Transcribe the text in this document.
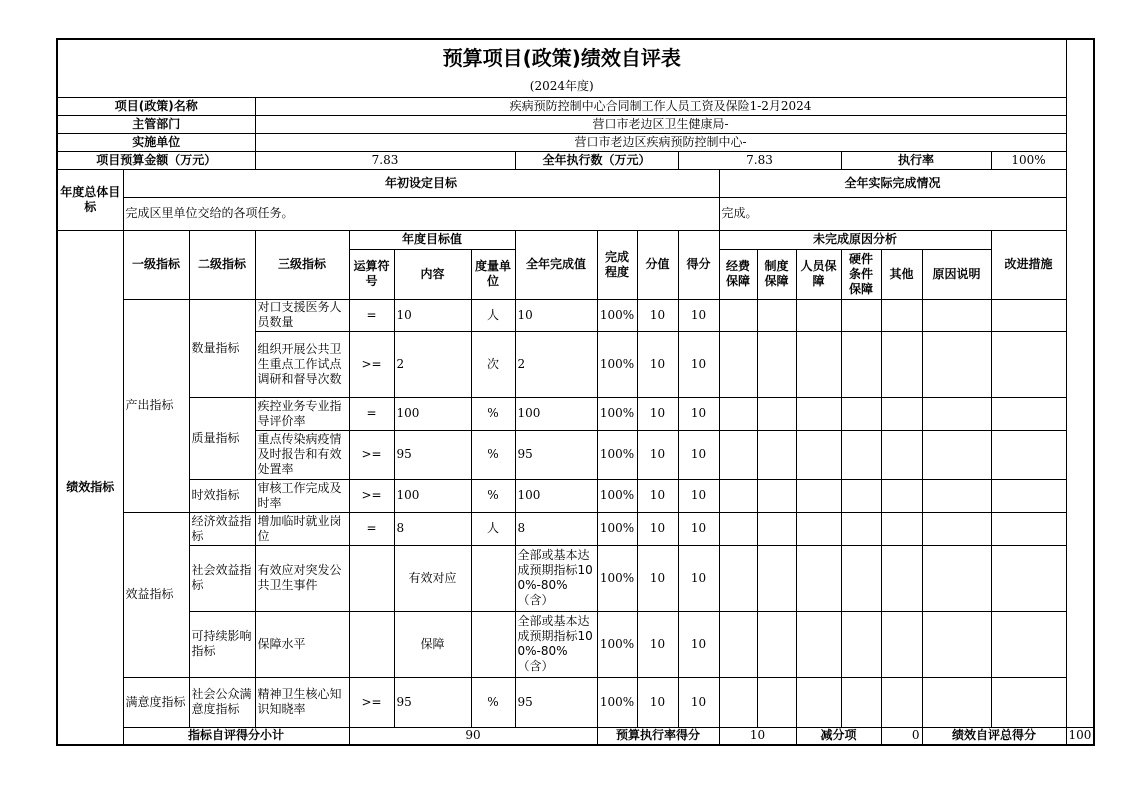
预算项目(政策)绩效自评表																		
(2024年度)																		
项目(政策)名称			疾病预防控制中心合同制工作人员工资及保险1-2月2024															
主管部门			营口市老边区卫生健康局-															
实施单位			营口市老边区疾病预防控制中心-															
项目预算金额（万元）			7.83				全年执行数（万元）			7.83				执行率			100%	
年度总体目标	年初设定目标										全年实际完成情况							
	完成区里单位交给的各项任务。										完成。							
绩效指标	一级指标	二级指标	三级指标	年度目标值			全年完成值	完成程度	分值	得分	未完成原因分析						改进措施	
				运算符号	内容	度量单位					经费保障	制度保障	人员保障	硬件条件保障	其他	原因说明		
	产出指标	数量指标	对口支援医务人员数量	=	10	人	10	100%	10	10								
			组织开展公共卫生重点工作试点调研和督导次数	>=	2	次	2	100%	10	10								
		质量指标	疾控业务专业指导评价率	=	100	%	100	100%	10	10								
			重点传染病疫情及时报告和有效处置率	>=	95	%	95	100%	10	10								
		时效指标	审核工作完成及时率	>=	100	%	100	100%	10	10								
	效益指标	经济效益指标	增加临时就业岗位	=	8	人	8	100%	10	10								
		社会效益指标	有效应对突发公共卫生事件		有效对应		全部或基本达成预期指标100%-80%（含）	100%	10	10								
		可持续影响指标	保障水平		保障		全部或基本达成预期指标100%-80%（含）	100%	10	10								
	满意度指标	社会公众满意度指标	精神卫生核心知识知晓率	>=	95	%	95	100%	10	10								
	指标自评得分小计			90				预算执行率得分			10		减分项		0	绩效自评总得分		100
